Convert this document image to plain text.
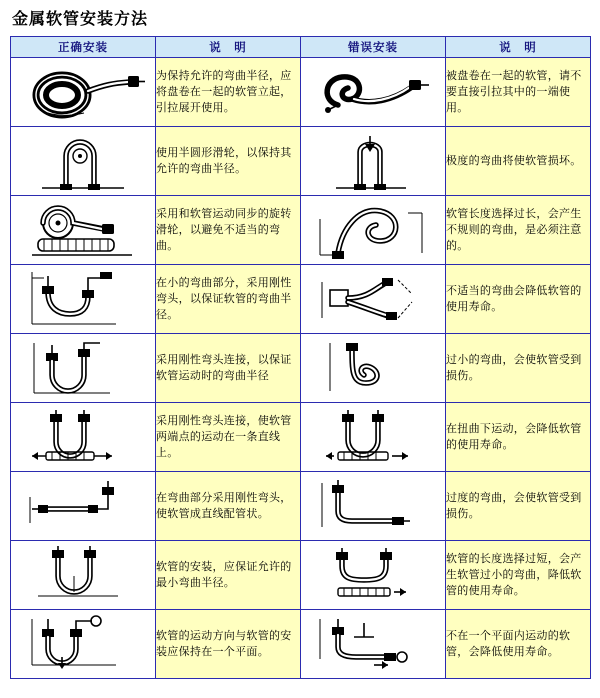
金属软管安装方法
正确安装	说　明	错误安装	说　明

	为保持允许的弯曲半径，应将盘卷在一起的软管立起，引拉展开使用。		被盘卷在一起的软管，请不要直接引拉其中的一端使用。

	使用半圆形滑轮，以保持其允许的弯曲半径。		极度的弯曲将使软管损坏。

	采用和软管运动同步的旋转滑轮，以避免不适当的弯曲。		软管长度选择过长，会产生不规则的弯曲，是必须注意的。

	在小的弯曲部分，采用刚性弯头，以保证软管的弯曲半径。		不适当的弯曲会降低软管的使用寿命。

	采用刚性弯头连接，以保证软管运动时的弯曲半径		过小的弯曲，会使软管受到损伤。

	采用刚性弯头连接，使软管两端点的运动在一条直线上。		在扭曲下运动，会降低软管的使用寿命。

	在弯曲部分采用刚性弯头，使软管成直线配管状。		过度的弯曲，会使软管受到损伤。

	软管的安装，应保证允许的最小弯曲半径。		软管的长度选择过短，会产生软管过小的弯曲，降低软管的使用寿命。

	软管的运动方向与软管的安装应保持在一个平面。		不在一个平面内运动的软管，会降低使用寿命。
